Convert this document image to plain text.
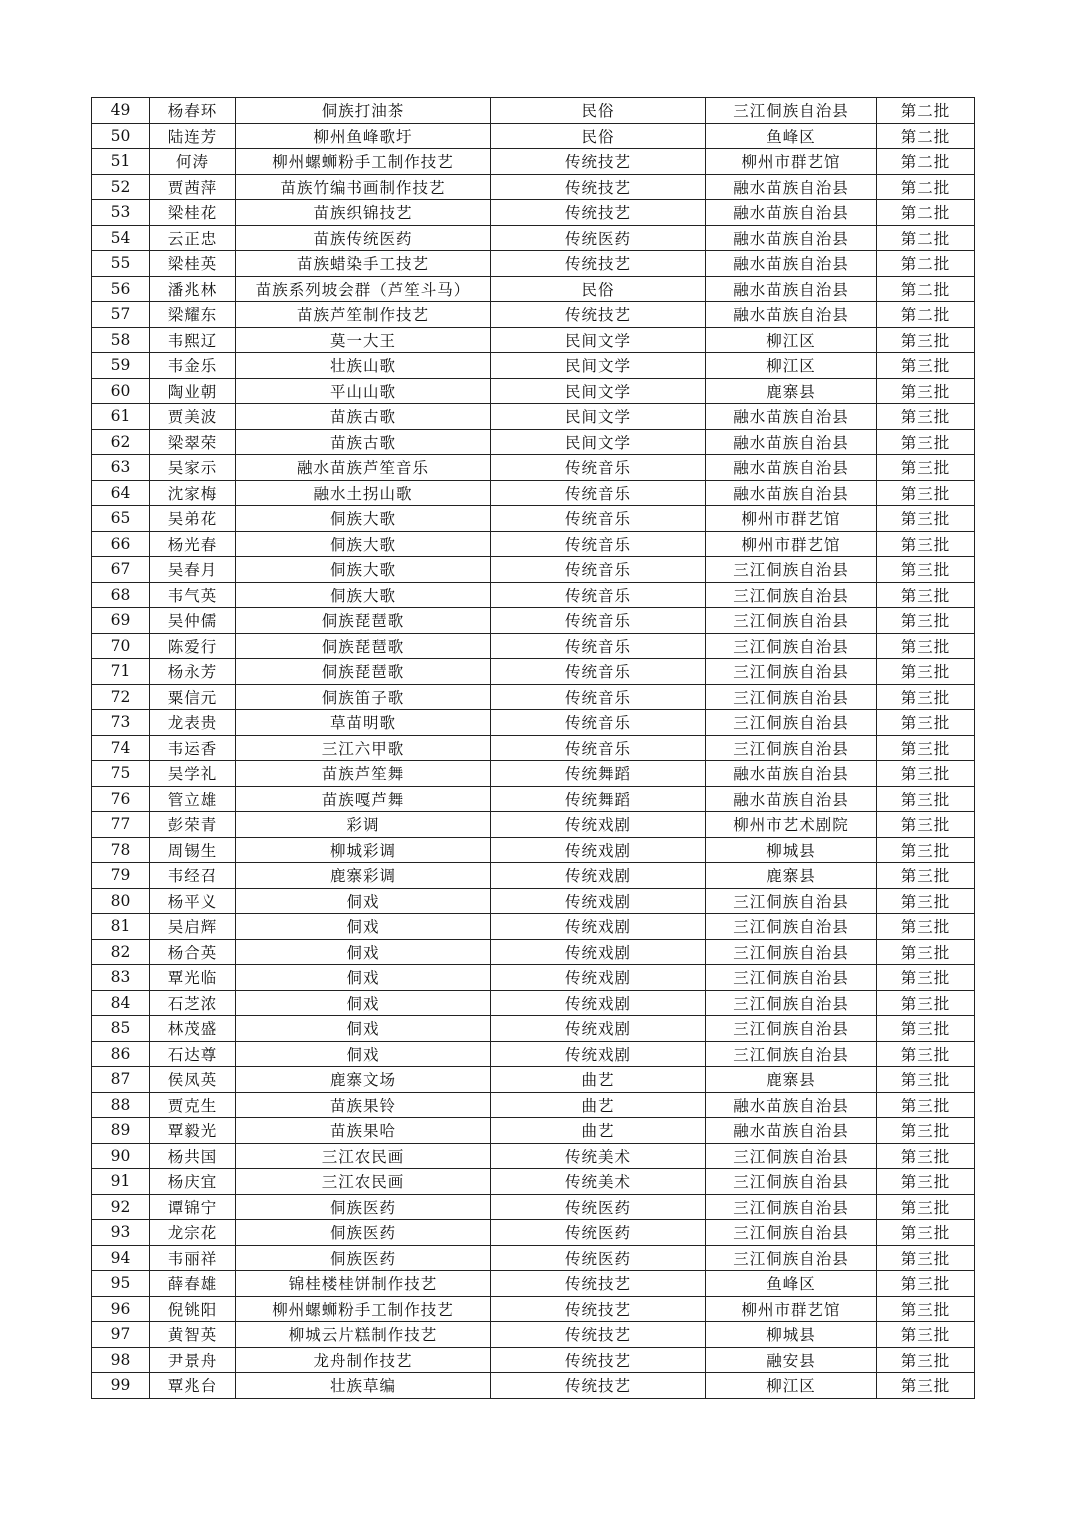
49	杨春环	侗族打油茶	民俗	三江侗族自治县	第二批
50	陆连芳	柳州鱼峰歌圩	民俗	鱼峰区	第二批
51	何涛	柳州螺蛳粉手工制作技艺	传统技艺	柳州市群艺馆	第二批
52	贾茜萍	苗族竹编书画制作技艺	传统技艺	融水苗族自治县	第二批
53	梁桂花	苗族织锦技艺	传统技艺	融水苗族自治县	第二批
54	云正忠	苗族传统医药	传统医药	融水苗族自治县	第二批
55	梁桂英	苗族蜡染手工技艺	传统技艺	融水苗族自治县	第二批
56	潘兆林	苗族系列坡会群（芦笙斗马）	民俗	融水苗族自治县	第二批
57	梁耀东	苗族芦笙制作技艺	传统技艺	融水苗族自治县	第二批
58	韦熙辽	莫一大王	民间文学	柳江区	第三批
59	韦金乐	壮族山歌	民间文学	柳江区	第三批
60	陶业朝	平山山歌	民间文学	鹿寨县	第三批
61	贾美波	苗族古歌	民间文学	融水苗族自治县	第三批
62	梁翠荣	苗族古歌	民间文学	融水苗族自治县	第三批
63	吴家示	融水苗族芦笙音乐	传统音乐	融水苗族自治县	第三批
64	沈家梅	融水土拐山歌	传统音乐	融水苗族自治县	第三批
65	吴弟花	侗族大歌	传统音乐	柳州市群艺馆	第三批
66	杨光春	侗族大歌	传统音乐	柳州市群艺馆	第三批
67	吴春月	侗族大歌	传统音乐	三江侗族自治县	第三批
68	韦气英	侗族大歌	传统音乐	三江侗族自治县	第三批
69	吴仲儒	侗族琵琶歌	传统音乐	三江侗族自治县	第三批
70	陈爱行	侗族琵琶歌	传统音乐	三江侗族自治县	第三批
71	杨永芳	侗族琵琶歌	传统音乐	三江侗族自治县	第三批
72	粟信元	侗族笛子歌	传统音乐	三江侗族自治县	第三批
73	龙表贵	草苗明歌	传统音乐	三江侗族自治县	第三批
74	韦运香	三江六甲歌	传统音乐	三江侗族自治县	第三批
75	吴学礼	苗族芦笙舞	传统舞蹈	融水苗族自治县	第三批
76	管立雄	苗族嘎芦舞	传统舞蹈	融水苗族自治县	第三批
77	彭荣青	彩调	传统戏剧	柳州市艺术剧院	第三批
78	周锡生	柳城彩调	传统戏剧	柳城县	第三批
79	韦经召	鹿寨彩调	传统戏剧	鹿寨县	第三批
80	杨平义	侗戏	传统戏剧	三江侗族自治县	第三批
81	吴启辉	侗戏	传统戏剧	三江侗族自治县	第三批
82	杨合英	侗戏	传统戏剧	三江侗族自治县	第三批
83	覃光临	侗戏	传统戏剧	三江侗族自治县	第三批
84	石芝浓	侗戏	传统戏剧	三江侗族自治县	第三批
85	林茂盛	侗戏	传统戏剧	三江侗族自治县	第三批
86	石达尊	侗戏	传统戏剧	三江侗族自治县	第三批
87	侯凤英	鹿寨文场	曲艺	鹿寨县	第三批
88	贾克生	苗族果铃	曲艺	融水苗族自治县	第三批
89	覃毅光	苗族果哈	曲艺	融水苗族自治县	第三批
90	杨共国	三江农民画	传统美术	三江侗族自治县	第三批
91	杨庆宜	三江农民画	传统美术	三江侗族自治县	第三批
92	谭锦宁	侗族医药	传统医药	三江侗族自治县	第三批
93	龙宗花	侗族医药	传统医药	三江侗族自治县	第三批
94	韦丽祥	侗族医药	传统医药	三江侗族自治县	第三批
95	薛春雄	锦桂楼桂饼制作技艺	传统技艺	鱼峰区	第三批
96	倪铫阳	柳州螺蛳粉手工制作技艺	传统技艺	柳州市群艺馆	第三批
97	黄智英	柳城云片糕制作技艺	传统技艺	柳城县	第三批
98	尹景舟	龙舟制作技艺	传统技艺	融安县	第三批
99	覃兆台	壮族草编	传统技艺	柳江区	第三批
